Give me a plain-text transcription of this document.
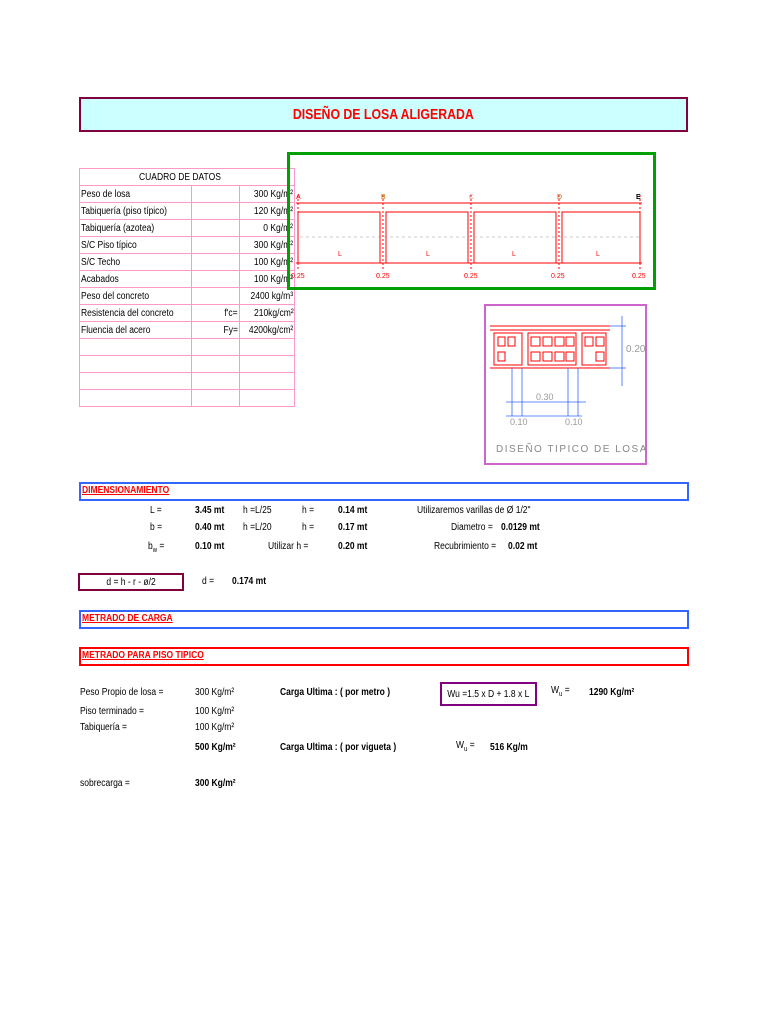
DISEÑO DE LOSA ALIGERADA
CUADRO DE DATOS		
Peso de losa		300 Kg/m²
Tabiquería (piso típico)		120 Kg/m²
Tabiquería (azotea)		0 Kg/m²
S/C Piso típico		300 Kg/m²
S/C Techo		100 Kg/m²
Acabados		100 Kg/m²
Peso del concreto		2400 kg/m³
Resistencia del concreto	f'c=	210kg/cm²
Fluencia del acero	Fy=	4200kg/cm²

A	B	C	D	E
L	L	L	L
0.25	0.25	0.25	0.25	0.25
0.20
0.30
0.10	0.10
DISEÑO TIPICO DE LOSA
DIMENSIONAMIENTO
L =	3.45 mt h =L/25	h = 0.14 mt	Utilizaremos varillas de Ø 1/2"
b =	0.40 mt h =L/20	h = 0.17 mt	Diametro = 0.0129 mt
$b_w$ =	0.10 mt	Utilizar h =	0.20 mt	Recubrimiento = 0.02 mt
d = h - r - ø/2	d = 0.174 mt
METRADO DE CARGA
METRADO PARA PISO TIPICO
Peso Propio de losa =	300 Kg/m²	Carga Ultima : ( por metro )	Wu =1.5 x D + 1.8 x L $W_u = 1290$ Kg/m²
Piso terminado =	100 Kg/m²
Tabiquería =	100 Kg/m²
500 Kg/m²	Carga Ultima : ( por vigueta )	$W_u = 516$ Kg/m
sobrecarga =	300 Kg/m²
